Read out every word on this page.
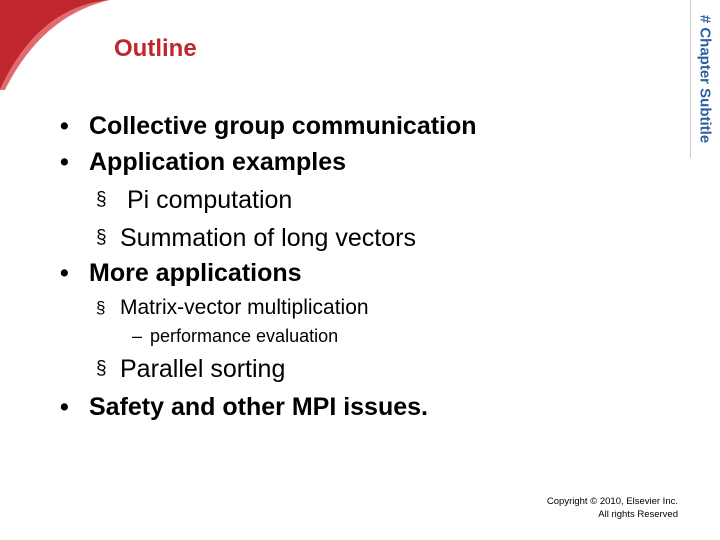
Outline	# Chapter Subtitle
• Collective group communication
• Application examples
§ Pi computation
§ Summation of long vectors
• More applications
§ Matrix-vector multiplication
– performance evaluation
§ Parallel sorting
• Safety and other MPI issues.
Copyright © 2010, Elsevier Inc.
All rights Reserved
